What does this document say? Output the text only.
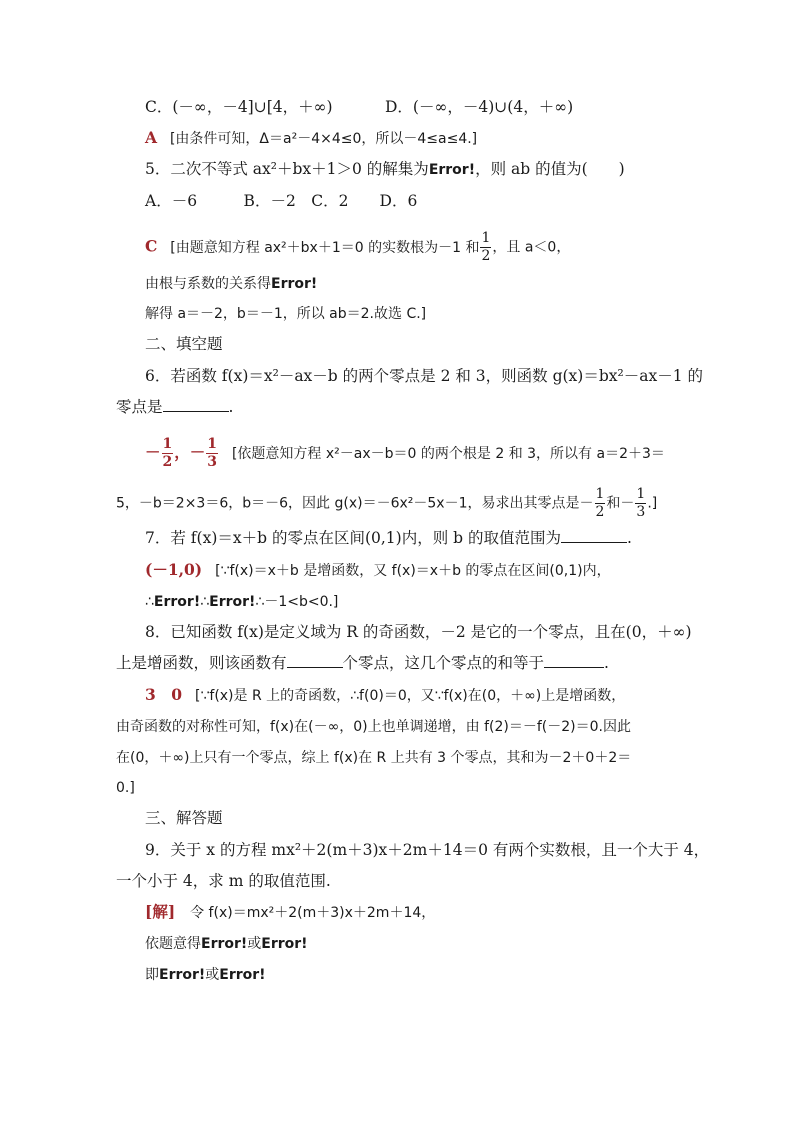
C．(－∞，－4]∪[4，＋∞)	D．(－∞，－4)∪(4，＋∞)
A [由条件可知，Δ＝a²－4×4≤0，所以－4≤a≤4.]
5．二次不等式 ax²＋bx＋1＞0 的解集为Error!，则 ab 的值为(　　)
A．－6　　　B．－2　C．2　　D．6
C [由题意知方程 ax²＋bx＋1＝0 的实数根为－1 和 $\frac{1}{2}$ ，且 a＜0，
由根与系数的关系得Error!
解得 a＝－2，b＝－1，所以 ab＝2.故选 C.]
二、填空题
6．若函数 f(x)＝x²－ax－b 的两个零点是 2 和 3，则函数 g(x)＝bx²－ax－1 的
零点是	.
－ $\frac{1}{2}$ ，－ $\frac{1}{3}$ [依题意知方程 x²－ax－b＝0 的两个根是 2 和 3，所以有 a＝2＋3＝
5，－b＝2×3＝6，b＝－6，因此 g(x)＝－6x²－5x－1，易求出其零点是－ $\frac{1}{2}$ 和－ $\frac{1}{3}$ .]
7．若 f(x)＝x＋b 的零点在区间(0,1)内，则 b 的取值范围为	.
(－1,0) [∵f(x)＝x＋b 是增函数，又 f(x)＝x＋b 的零点在区间(0,1)内，
∴Error!∴Error!∴－1<b<0.]
8．已知函数 f(x)是定义域为 R 的奇函数，－2 是它的一个零点，且在(0，＋∞)
上是增函数，则该函数有	个零点，这几个零点的和等于	.
3　0 [∵f(x)是 R 上的奇函数，∴f(0)＝0，又∵f(x)在(0，＋∞)上是增函数，
由奇函数的对称性可知，f(x)在(－∞，0)上也单调递增，由 f(2)＝－f(－2)＝0.因此
在(0，＋∞)上只有一个零点，综上 f(x)在 R 上共有 3 个零点，其和为－2＋0＋2＝
0.]
三、解答题
9．关于 x 的方程 mx²＋2(m＋3)x＋2m＋14＝0 有两个实数根，且一个大于 4，
一个小于 4，求 m 的取值范围.
[解] 令 f(x)＝mx²＋2(m＋3)x＋2m＋14，
依题意得Error!或Error!
即Error!或Error!
